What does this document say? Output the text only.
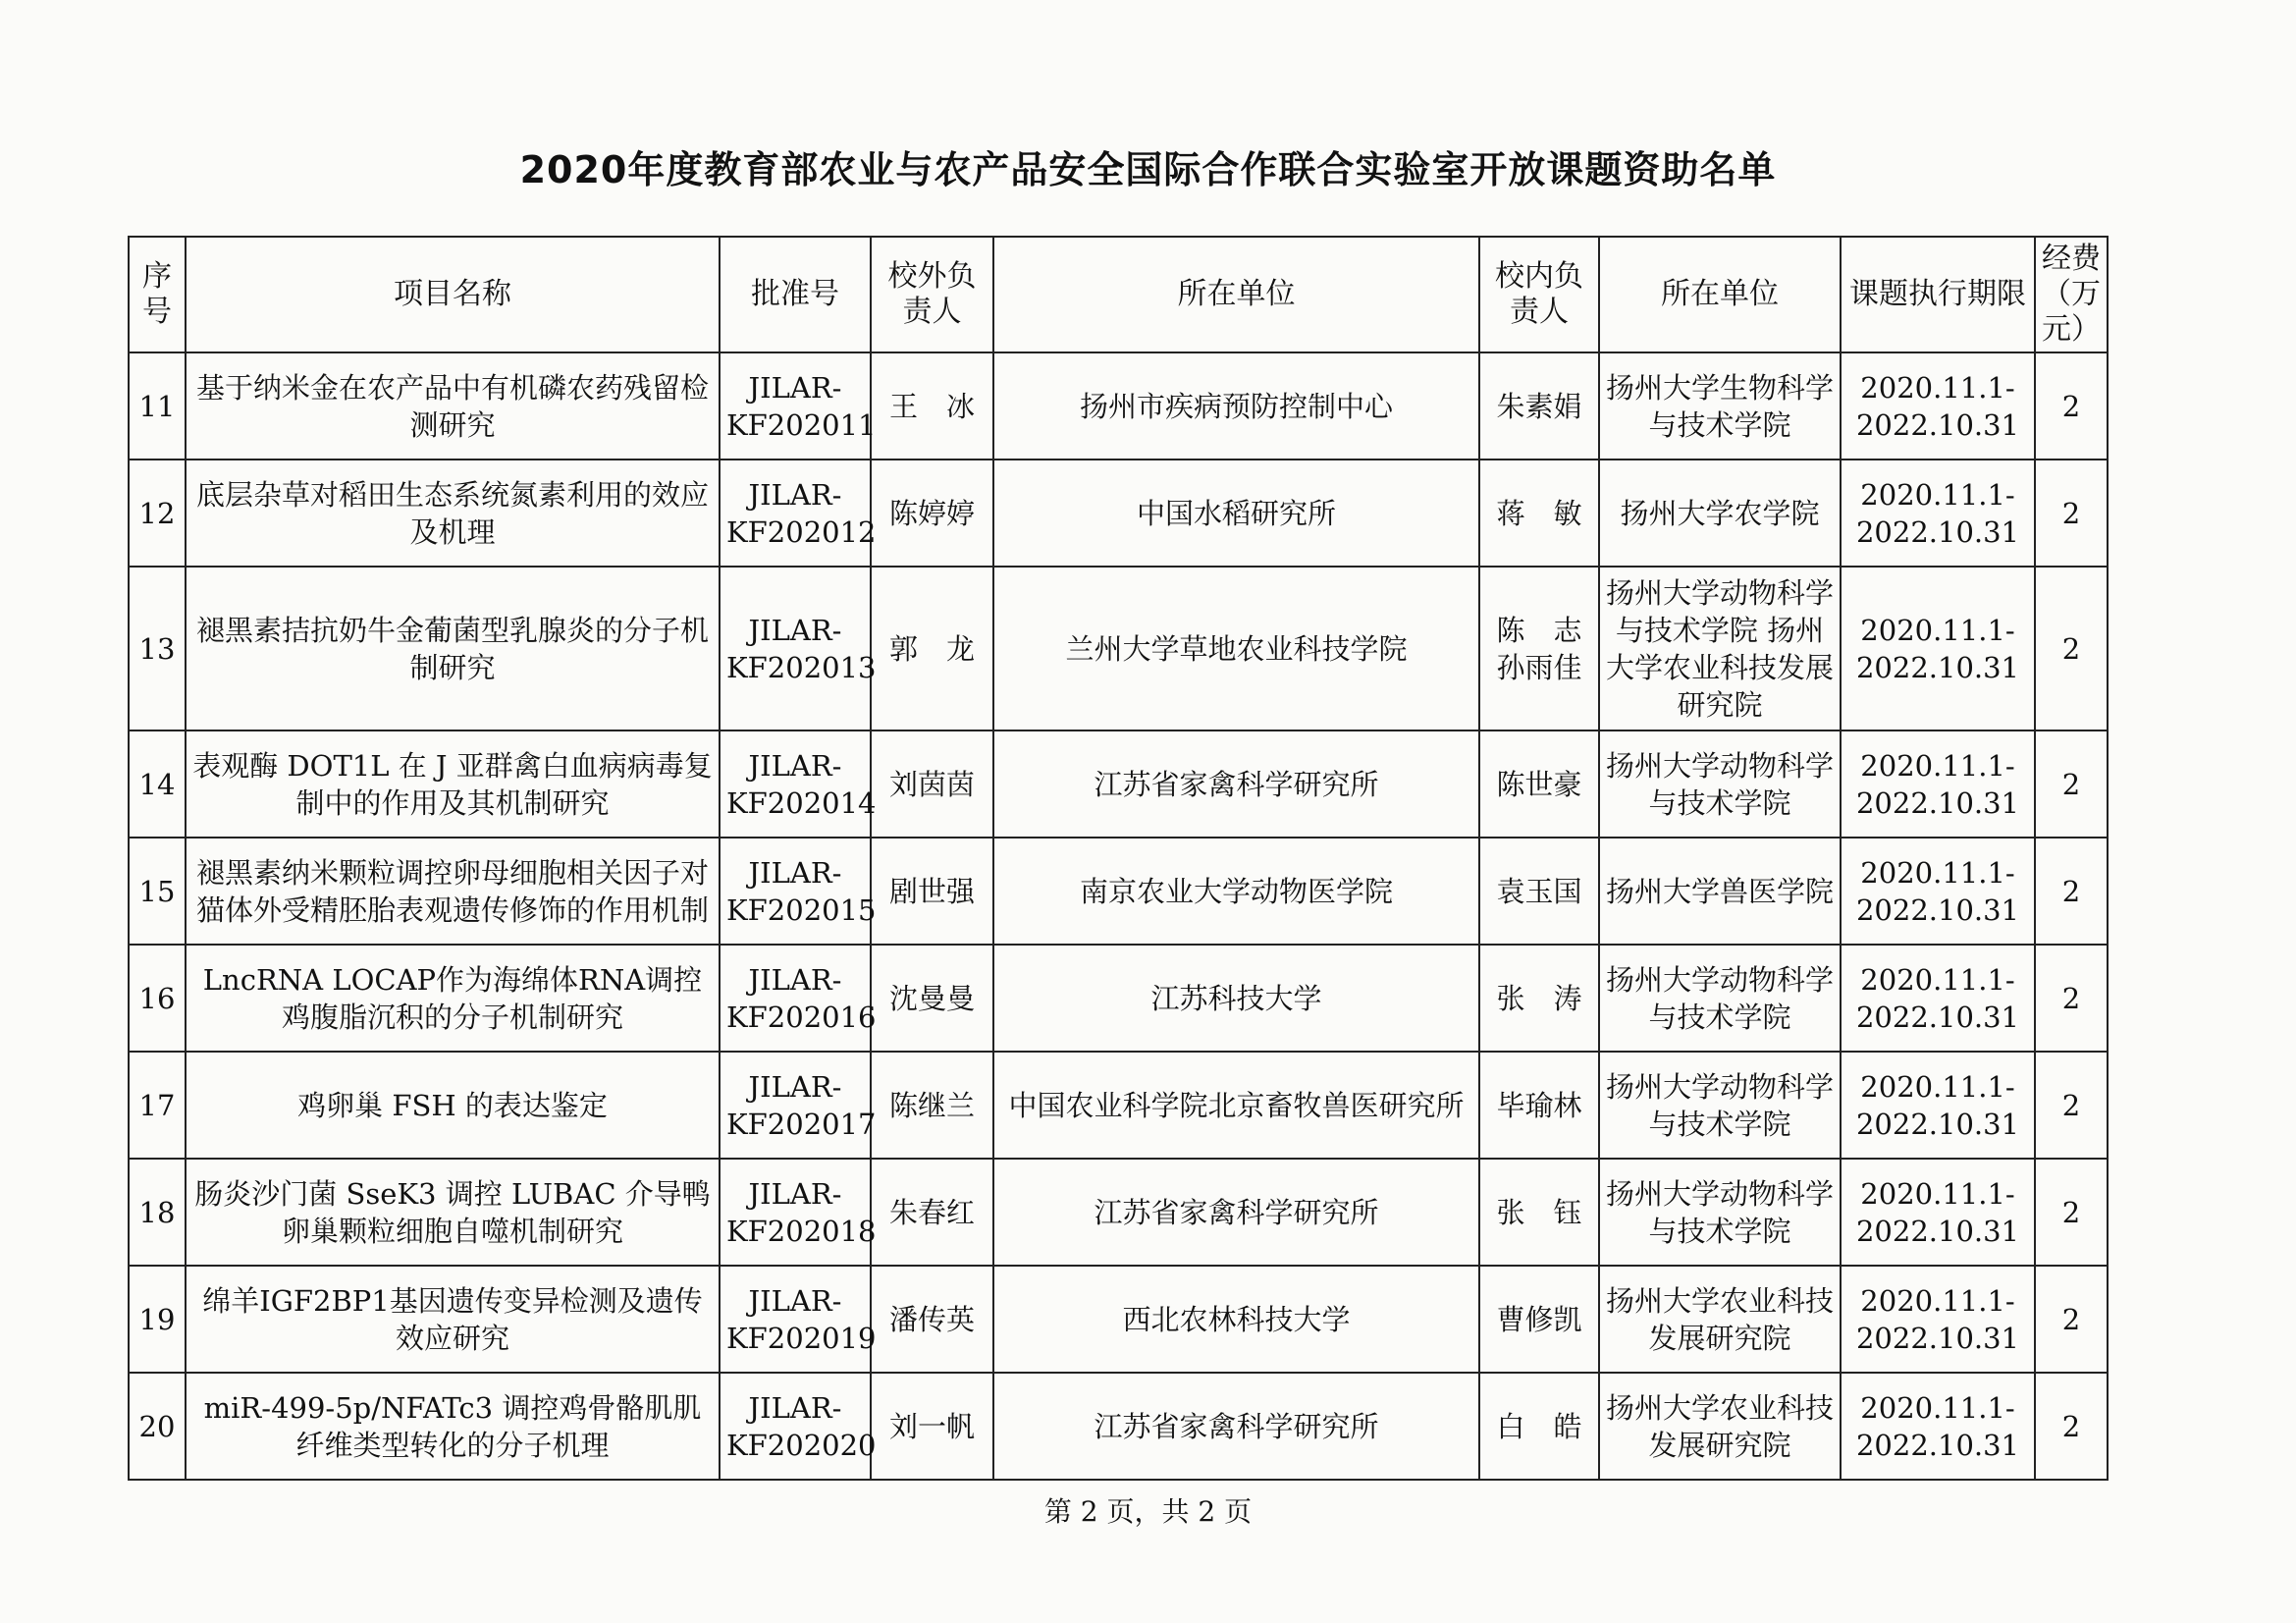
2020年度教育部农业与农产品安全国际合作联合实验室开放课题资助名单
序号	项目名称	批准号	校外负责人	所在单位	校内负责人	所在单位	课题执行期限	经费（万元）
11	基于纳米金在农产品中有机磷农药残留检测研究	JILAR-KF202011	王　冰	扬州市疾病预防控制中心	朱素娟	扬州大学生物科学与技术学院	2020.11.1-2022.10.31	2
12	底层杂草对稻田生态系统氮素利用的效应及机理	JILAR-KF202012	陈婷婷	中国水稻研究所	蒋　敏	扬州大学农学院	2020.11.1-2022.10.31	2
13	褪黑素拮抗奶牛金葡菌型乳腺炎的分子机制研究	JILAR-KF202013	郭　龙	兰州大学草地农业科技学院	陈　志 孙雨佳	扬州大学动物科学与技术学院 扬州大学农业科技发展研究院	2020.11.1-2022.10.31	2
14	表观酶 DOT1L 在 J 亚群禽白血病病毒复制中的作用及其机制研究	JILAR-KF202014	刘茵茵	江苏省家禽科学研究所	陈世豪	扬州大学动物科学与技术学院	2020.11.1-2022.10.31	2
15	褪黑素纳米颗粒调控卵母细胞相关因子对猫体外受精胚胎表观遗传修饰的作用机制	JILAR-KF202015	剧世强	南京农业大学动物医学院	袁玉国	扬州大学兽医学院	2020.11.1-2022.10.31	2
16	LncRNA LOCAP作为海绵体RNA调控鸡腹脂沉积的分子机制研究	JILAR-KF202016	沈曼曼	江苏科技大学	张　涛	扬州大学动物科学与技术学院	2020.11.1-2022.10.31	2
17	鸡卵巢 FSH 的表达鉴定	JILAR-KF202017	陈继兰	中国农业科学院北京畜牧兽医研究所	毕瑜林	扬州大学动物科学与技术学院	2020.11.1-2022.10.31	2
18	肠炎沙门菌 SseK3 调控 LUBAC 介导鸭卵巢颗粒细胞自噬机制研究	JILAR-KF202018	朱春红	江苏省家禽科学研究所	张　钰	扬州大学动物科学与技术学院	2020.11.1-2022.10.31	2
19	绵羊IGF2BP1基因遗传变异检测及遗传效应研究	JILAR-KF202019	潘传英	西北农林科技大学	曹修凯	扬州大学农业科技发展研究院	2020.11.1-2022.10.31	2
20	miR-499-5p/NFATc3 调控鸡骨骼肌肌纤维类型转化的分子机理	JILAR-KF202020	刘一帆	江苏省家禽科学研究所	白　皓	扬州大学农业科技发展研究院	2020.11.1-2022.10.31	2
第 2 页，共 2 页
